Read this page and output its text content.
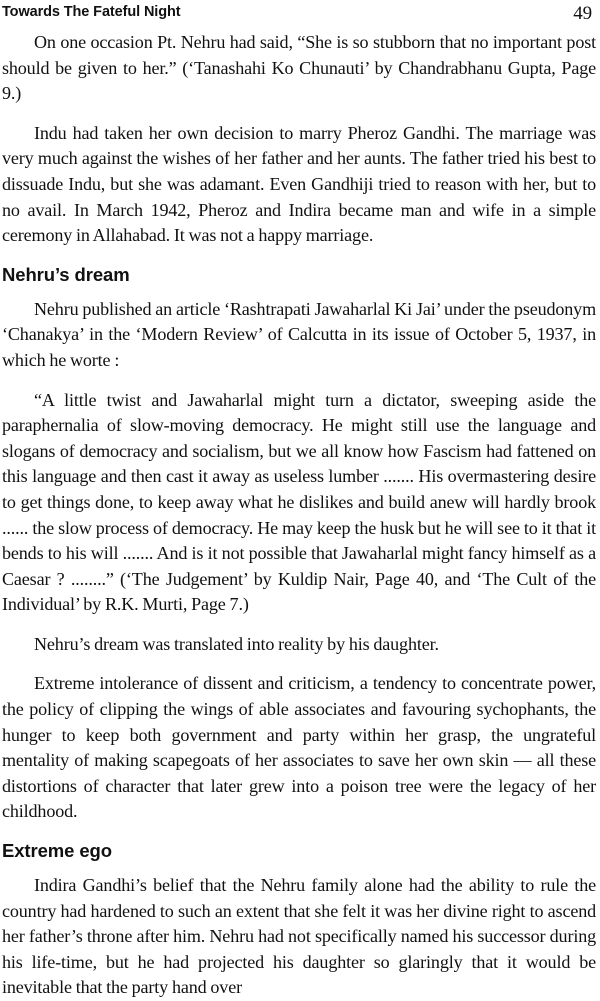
Towards The Fateful Night	49

On one occasion Pt. Nehru had said, “She is so stubborn that no important post should be given to her.” (‘Tanashahi Ko Chunauti’ by Chandrabhanu Gupta, Page 9.)

Indu had taken her own decision to marry Pheroz Gandhi. The marriage was very much against the wishes of her father and her aunts. The father tried his best to dissuade Indu, but she was adamant. Even Gandhiji tried to reason with her, but to no avail. In March 1942, Pheroz and Indira became man and wife in a simple ceremony in Allahabad. It was not a happy marriage.

Nehru’s dream

Nehru published an article ‘Rashtrapati Jawaharlal Ki Jai’ under the pseudonym ‘Chanakya’ in the ‘Modern Review’ of Calcutta in its issue of October 5, 1937, in which he worte :

“A little twist and Jawaharlal might turn a dictator, sweeping aside the paraphernalia of slow-moving democracy. He might still use the language and slogans of democracy and socialism, but we all know how Fascism had fattened on this language and then cast it away as useless lumber ....... His overmastering desire to get things done, to keep away what he dislikes and build anew will hardly brook ...... the slow process of democracy. He may keep the husk but he will see to it that it bends to his will ....... And is it not possible that Jawaharlal might fancy himself as a Caesar ? ........” (‘The Judgement’ by Kuldip Nair, Page 40, and ‘The Cult of the Individual’ by R.K. Murti, Page 7.)

Nehru’s dream was translated into reality by his daughter.

Extreme intolerance of dissent and criticism, a tendency to concentrate power, the policy of clipping the wings of able associates and favouring sychophants, the hunger to keep both government and party within her grasp, the ungrateful mentality of making scapegoats of her associates to save her own skin — all these distortions of character that later grew into a poison tree were the legacy of her childhood.

Extreme ego

Indira Gandhi’s belief that the Nehru family alone had the ability to rule the country had hardened to such an extent that she felt it was her divine right to ascend her father’s throne after him. Nehru had not specifically named his successor during his life-time, but he had projected his daughter so glaringly that it would be inevitable that the party hand over
